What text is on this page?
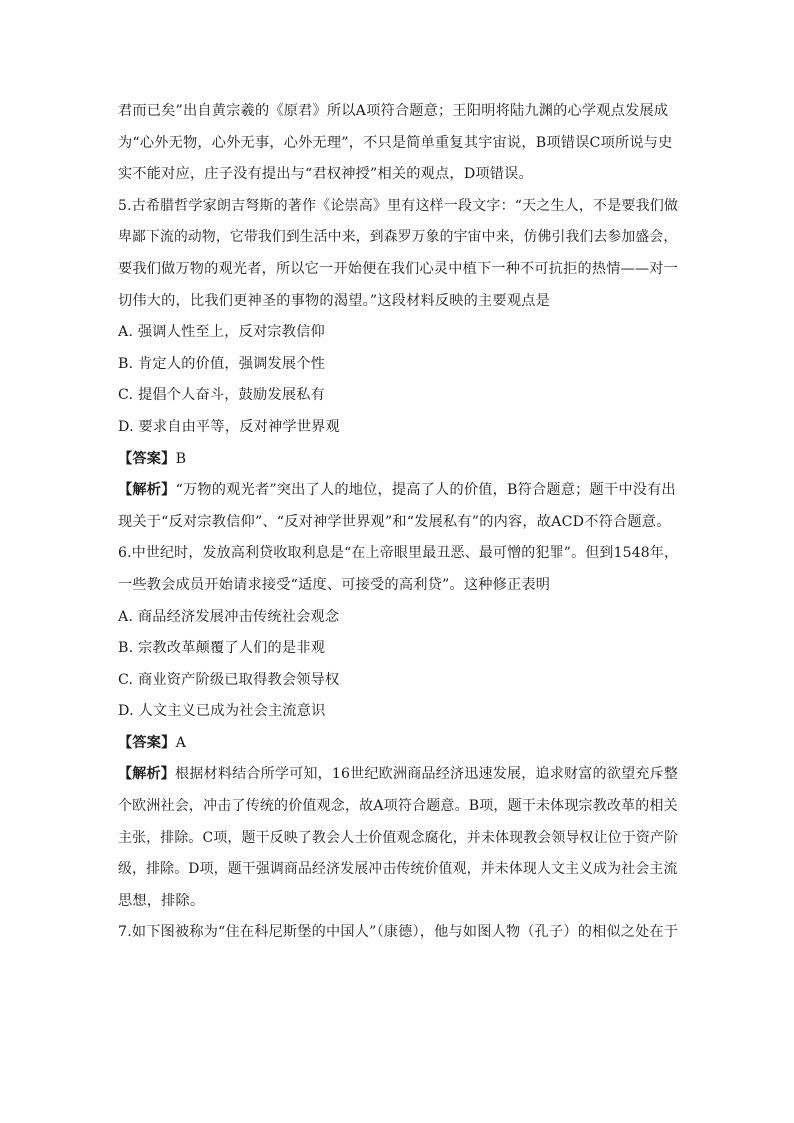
君而已矣”出自黄宗羲的《原君》所以A项符合题意；王阳明将陆九渊的心学观点发展成
为“心外无物，心外无事，心外无理”，不只是简单重复其宇宙说，B项错误C项所说与史
实不能对应，庄子没有提出与“君权神授”相关的观点，D项错误。
5.古希腊哲学家朗吉弩斯的著作《论崇高》里有这样一段文字：“天之生人，不是要我们做
卑鄙下流的动物，它带我们到生活中来，到森罗万象的宇宙中来，仿佛引我们去参加盛会，
要我们做万物的观光者，所以它一开始便在我们心灵中植下一种不可抗拒的热情——对一
切伟大的，比我们更神圣的事物的渴望。”这段材料反映的主要观点是
A. 强调人性至上，反对宗教信仰
B. 肯定人的价值，强调发展个性
C. 提倡个人奋斗，鼓励发展私有
D. 要求自由平等，反对神学世界观
【答案】B
【解析】“万物的观光者”突出了人的地位，提高了人的价值，B符合题意；题干中没有出
现关于“反对宗教信仰”、“反对神学世界观”和“发展私有”的内容，故ACD不符合题意。
6.中世纪时，发放高利贷收取利息是“在上帝眼里最丑恶、最可憎的犯罪”。但到1548年，
一些教会成员开始请求接受“适度、可接受的高利贷”。这种修正表明
A. 商品经济发展冲击传统社会观念
B. 宗教改革颠覆了人们的是非观
C. 商业资产阶级已取得教会领导权
D. 人文主义已成为社会主流意识
【答案】A
【解析】根据材料结合所学可知，16世纪欧洲商品经济迅速发展，追求财富的欲望充斥整
个欧洲社会，冲击了传统的价值观念，故A项符合题意。B项，题干未体现宗教改革的相关
主张，排除。C项，题干反映了教会人士价值观念腐化，并未体现教会领导权让位于资产阶
级，排除。D项，题干强调商品经济发展冲击传统价值观，并未体现人文主义成为社会主流
思想，排除。
7.如下图被称为“住在科尼斯堡的中国人”（康德），他与如图人物（孔子）的相似之处在于
